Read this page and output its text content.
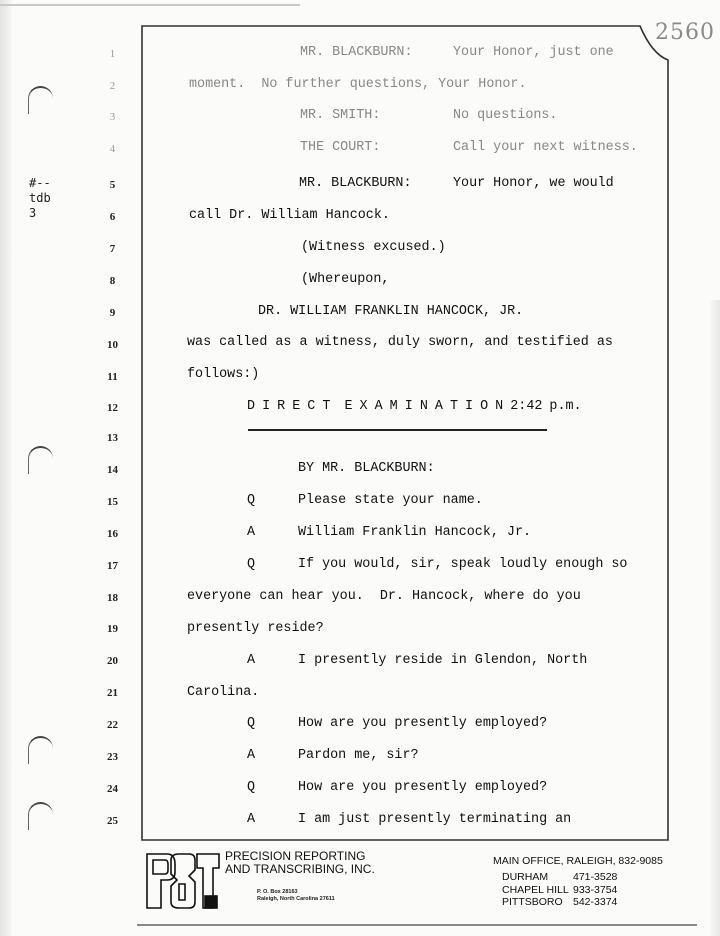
2560
#--
tdb
3
1
2
3
4
5
6
7
8
9
10
11
12
13
14
15
16
17
18
19
20
21
22
23
24
25
MR. BLACKBURN:	Your Honor, just one
moment.  No further questions, Your Honor.
MR. SMITH:	No questions.
THE COURT:	Call your next witness.
MR. BLACKBURN:	Your Honor, we would
call Dr. William Hancock.
(Witness excused.)
(Whereupon,
DR. WILLIAM FRANKLIN HANCOCK, JR.
was called as a witness, duly sworn, and testified as
follows:)
D I R E C T  E X A M I N A T I O N 2:42 p.m.
BY MR. BLACKBURN:
Q	Please state your name.
A	William Franklin Hancock, Jr.
Q	If you would, sir, speak loudly enough so
everyone can hear you.  Dr. Hancock, where do you
presently reside?
A	I presently reside in Glendon, North
Carolina.
Q	How are you presently employed?
A	Pardon me, sir?
Q	How are you presently employed?
A	I am just presently terminating an
PRECISION REPORTING
AND TRANSCRIBING, INC.
P. O. Box 28163
Raleigh, North Carolina 27611
MAIN OFFICE, RALEIGH, 832-9085
DURHAM	471-3528
CHAPEL HILL 933-3754
PITTSBORO 542-3374
